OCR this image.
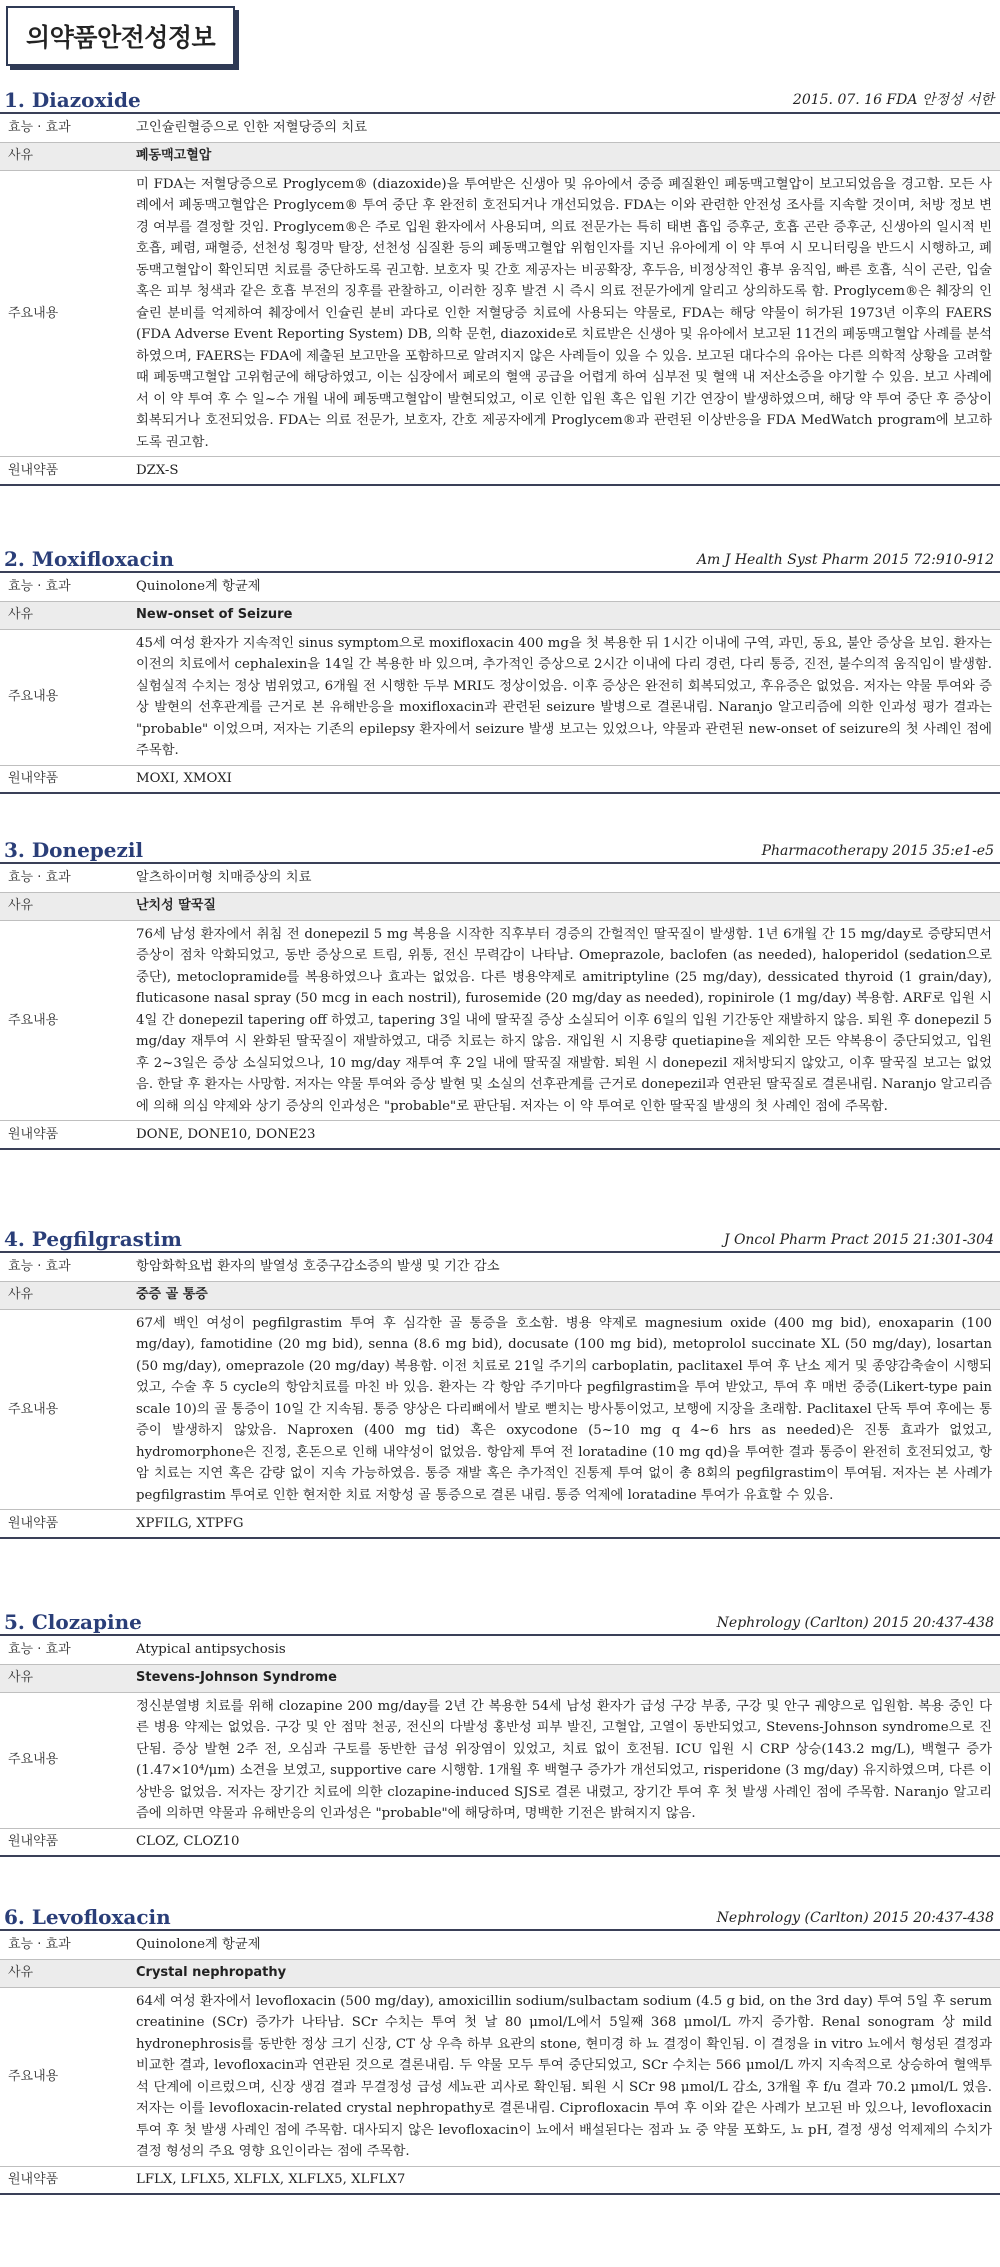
의약품안전성정보
1. Diazoxide	2015. 07. 16 FDA 안정성 서한
효능 · 효과	고인슐린혈증으로 인한 저혈당증의 치료
사유	폐동맥고혈압
주요내용	미 FDA는 저혈당증으로 Proglycem® (diazoxide)을 투여받은 신생아 및 유아에서 중증 폐질환인 폐동맥고혈압이 보고되었음을 경고함. 모든 사례에서 폐동맥고혈압은 Proglycem® 투여 중단 후 완전히 호전되거나 개선되었음. FDA는 이와 관련한 안전성 조사를 지속할 것이며, 처방 정보 변경 여부를 결정할 것임. Proglycem®은 주로 입원 환자에서 사용되며, 의료 전문가는 특히 태변 흡입 증후군, 호흡 곤란 증후군, 신생아의 일시적 빈 호흡, 폐렴, 패혈증, 선천성 횡경막 탈장, 선천성 심질환 등의 폐동맥고혈압 위험인자를 지닌 유아에게 이 약 투여 시 모니터링을 반드시 시행하고, 폐동맥고혈압이 확인되면 치료를 중단하도록 권고함. 보호자 및 간호 제공자는 비공확장, 후두음, 비정상적인 흉부 움직임, 빠른 호흡, 식이 곤란, 입술 혹은 피부 청색과 같은 호흡 부전의 징후를 관찰하고, 이러한 징후 발견 시 즉시 의료 전문가에게 알리고 상의하도록 함. Proglycem®은 췌장의 인슐린 분비를 억제하여 췌장에서 인슐린 분비 과다로 인한 저혈당증 치료에 사용되는 약물로, FDA는 해당 약물이 허가된 1973년 이후의 FAERS (FDA Adverse Event Reporting System) DB, 의학 문헌, diazoxide로 치료받은 신생아 및 유아에서 보고된 11건의 폐동맥고혈압 사례를 분석하였으며, FAERS는 FDA에 제출된 보고만을 포함하므로 알려지지 않은 사례들이 있을 수 있음. 보고된 대다수의 유아는 다른 의학적 상황을 고려할 때 폐동맥고혈압 고위험군에 해당하였고, 이는 심장에서 폐로의 혈액 공급을 어렵게 하여 심부전 및 혈액 내 저산소증을 야기할 수 있음. 보고 사례에서 이 약 투여 후 수 일~수 개월 내에 폐동맥고혈압이 발현되었고, 이로 인한 입원 혹은 입원 기간 연장이 발생하였으며, 해당 약 투여 중단 후 증상이 회복되거나 호전되었음. FDA는 의료 전문가, 보호자, 간호 제공자에게 Proglycem®과 관련된 이상반응을 FDA MedWatch program에 보고하도록 권고함.
원내약품	DZX-S
2. Moxifloxacin	Am J Health Syst Pharm 2015 72:910-912
효능 · 효과	Quinolone계 항균제
사유	New-onset of Seizure
주요내용	45세 여성 환자가 지속적인 sinus symptom으로 moxifloxacin 400 mg을 첫 복용한 뒤 1시간 이내에 구역, 과민, 동요, 불안 증상을 보임. 환자는 이전의 치료에서 cephalexin을 14일 간 복용한 바 있으며, 추가적인 증상으로 2시간 이내에 다리 경련, 다리 통증, 진전, 불수의적 움직임이 발생함. 실험실적 수치는 정상 범위였고, 6개월 전 시행한 두부 MRI도 정상이었음. 이후 증상은 완전히 회복되었고, 후유증은 없었음. 저자는 약물 투여와 증상 발현의 선후관계를 근거로 본 유해반응을 moxifloxacin과 관련된 seizure 발병으로 결론내림. Naranjo 알고리즘에 의한 인과성 평가 결과는 "probable" 이었으며, 저자는 기존의 epilepsy 환자에서 seizure 발생 보고는 있었으나, 약물과 관련된 new-onset of seizure의 첫 사례인 점에 주목함.
원내약품	MOXI, XMOXI
3. Donepezil	Pharmacotherapy 2015 35:e1-e5
효능 · 효과	알츠하이머형 치매증상의 치료
사유	난치성 딸꾹질
주요내용	76세 남성 환자에서 취침 전 donepezil 5 mg 복용을 시작한 직후부터 경증의 간헐적인 딸꾹질이 발생함. 1년 6개월 간 15 mg/day로 증량되면서 증상이 점차 악화되었고, 동반 증상으로 트림, 위통, 전신 무력감이 나타남. Omeprazole, baclofen (as needed), haloperidol (sedation으로 중단), metoclopramide를 복용하였으나 효과는 없었음. 다른 병용약제로 amitriptyline (25 mg/day), dessicated thyroid (1 grain/day), fluticasone nasal spray (50 mcg in each nostril), furosemide (20 mg/day as needed), ropinirole (1 mg/day) 복용함. ARF로 입원 시 4일 간 donepezil tapering off 하였고, tapering 3일 내에 딸꾹질 증상 소실되어 이후 6일의 입원 기간동안 재발하지 않음. 퇴원 후 donepezil 5 mg/day 재투여 시 완화된 딸꾹질이 재발하였고, 대증 치료는 하지 않음. 재입원 시 지용량 quetiapine을 제외한 모든 약복용이 중단되었고, 입원 후 2~3일은 증상 소실되었으나, 10 mg/day 재투여 후 2일 내에 딸꾹질 재발함. 퇴원 시 donepezil 재처방되지 않았고, 이후 딸꾹질 보고는 없었음. 한달 후 환자는 사망함. 저자는 약물 투여와 증상 발현 및 소실의 선후관계를 근거로 donepezil과 연관된 딸꾹질로 결론내림. Naranjo 알고리즘에 의해 의심 약제와 상기 증상의 인과성은 "probable"로 판단됨. 저자는 이 약 투여로 인한 딸꾹질 발생의 첫 사례인 점에 주목함.
원내약품	DONE, DONE10, DONE23
4. Pegfilgrastim	J Oncol Pharm Pract 2015 21:301-304
효능 · 효과	항암화학요법 환자의 발열성 호중구감소증의 발생 및 기간 감소
사유	중증 골 통증
주요내용	67세 백인 여성이 pegfilgrastim 투여 후 심각한 골 통증을 호소함. 병용 약제로 magnesium oxide (400 mg bid), enoxaparin (100 mg/day), famotidine (20 mg bid), senna (8.6 mg bid), docusate (100 mg bid), metoprolol succinate XL (50 mg/day), losartan (50 mg/day), omeprazole (20 mg/day) 복용함. 이전 치료로 21일 주기의 carboplatin, paclitaxel 투여 후 난소 제거 및 종양감축술이 시행되었고, 수술 후 5 cycle의 항암치료를 마친 바 있음. 환자는 각 항암 주기마다 pegfilgrastim을 투여 받았고, 투여 후 매번 중증(Likert-type pain scale 10)의 골 통증이 10일 간 지속됨. 통증 양상은 다리뼈에서 발로 뻗치는 방사통이었고, 보행에 지장을 초래함. Paclitaxel 단독 투여 후에는 통증이 발생하지 않았음. Naproxen (400 mg tid) 혹은 oxycodone (5~10 mg q 4~6 hrs as needed)은 진통 효과가 없었고, hydromorphone은 진정, 혼돈으로 인해 내약성이 없었음. 항암제 투여 전 loratadine (10 mg qd)을 투여한 결과 통증이 완전히 호전되었고, 항암 치료는 지연 혹은 감량 없이 지속 가능하였음. 통증 재발 혹은 추가적인 진통제 투여 없이 총 8회의 pegfilgrastim이 투여됨. 저자는 본 사례가 pegfilgrastim 투여로 인한 현저한 치료 저항성 골 통증으로 결론 내림. 통증 억제에 loratadine 투여가 유효할 수 있음.
원내약품	XPFILG, XTPFG
5. Clozapine	Nephrology (Carlton) 2015 20:437-438
효능 · 효과	Atypical antipsychosis
사유	Stevens-Johnson Syndrome
주요내용	정신분열병 치료를 위해 clozapine 200 mg/day를 2년 간 복용한 54세 남성 환자가 급성 구강 부종, 구강 및 안구 궤양으로 입원함. 복용 중인 다른 병용 약제는 없었음. 구강 및 안 점막 천공, 전신의 다발성 홍반성 피부 발진, 고혈압, 고열이 동반되었고, Stevens-Johnson syndrome으로 진단됨. 증상 발현 2주 전, 오심과 구토를 동반한 급성 위장염이 있었고, 치료 없이 호전됨. ICU 입원 시 CRP 상승(143.2 mg/L), 백혈구 증가(1.47×10⁴/μm) 소견을 보였고, supportive care 시행함. 1개월 후 백혈구 증가가 개선되었고, risperidone (3 mg/day) 유지하였으며, 다른 이상반응 없었음. 저자는 장기간 치료에 의한 clozapine-induced SJS로 결론 내렸고, 장기간 투여 후 첫 발생 사례인 점에 주목함. Naranjo 알고리즘에 의하면 약물과 유해반응의 인과성은 "probable"에 해당하며, 명백한 기전은 밝혀지지 않음.
원내약품	CLOZ, CLOZ10
6. Levofloxacin	Nephrology (Carlton) 2015 20:437-438
효능 · 효과	Quinolone계 항균제
사유	Crystal nephropathy
주요내용	64세 여성 환자에서 levofloxacin (500 mg/day), amoxicillin sodium/sulbactam sodium (4.5 g bid, on the 3rd day) 투여 5일 후 serum creatinine (SCr) 증가가 나타남. SCr 수치는 투여 첫 날 80 μmol/L에서 5일째 368 μmol/L 까지 증가함. Renal sonogram 상 mild hydronephrosis를 동반한 정상 크기 신장, CT 상 우측 하부 요관의 stone, 현미경 하 뇨 결정이 확인됨. 이 결정을 in vitro 뇨에서 형성된 결정과 비교한 결과, levofloxacin과 연관된 것으로 결론내림. 두 약물 모두 투여 중단되었고, SCr 수치는 566 μmol/L 까지 지속적으로 상승하여 혈액투석 단계에 이르렀으며, 신장 생검 결과 무결정성 급성 세뇨관 괴사로 확인됨. 퇴원 시 SCr 98 μmol/L 감소, 3개월 후 f/u 결과 70.2 μmol/L 였음. 저자는 이를 levofloxacin-related crystal nephropathy로 결론내림. Ciprofloxacin 투여 후 이와 같은 사례가 보고된 바 있으나, levofloxacin 투여 후 첫 발생 사례인 점에 주목함. 대사되지 않은 levofloxacin이 뇨에서 배설된다는 점과 뇨 중 약물 포화도, 뇨 pH, 결정 생성 억제제의 수치가 결정 형성의 주요 영향 요인이라는 점에 주목함.
원내약품	LFLX, LFLX5, XLFLX, XLFLX5, XLFLX7
